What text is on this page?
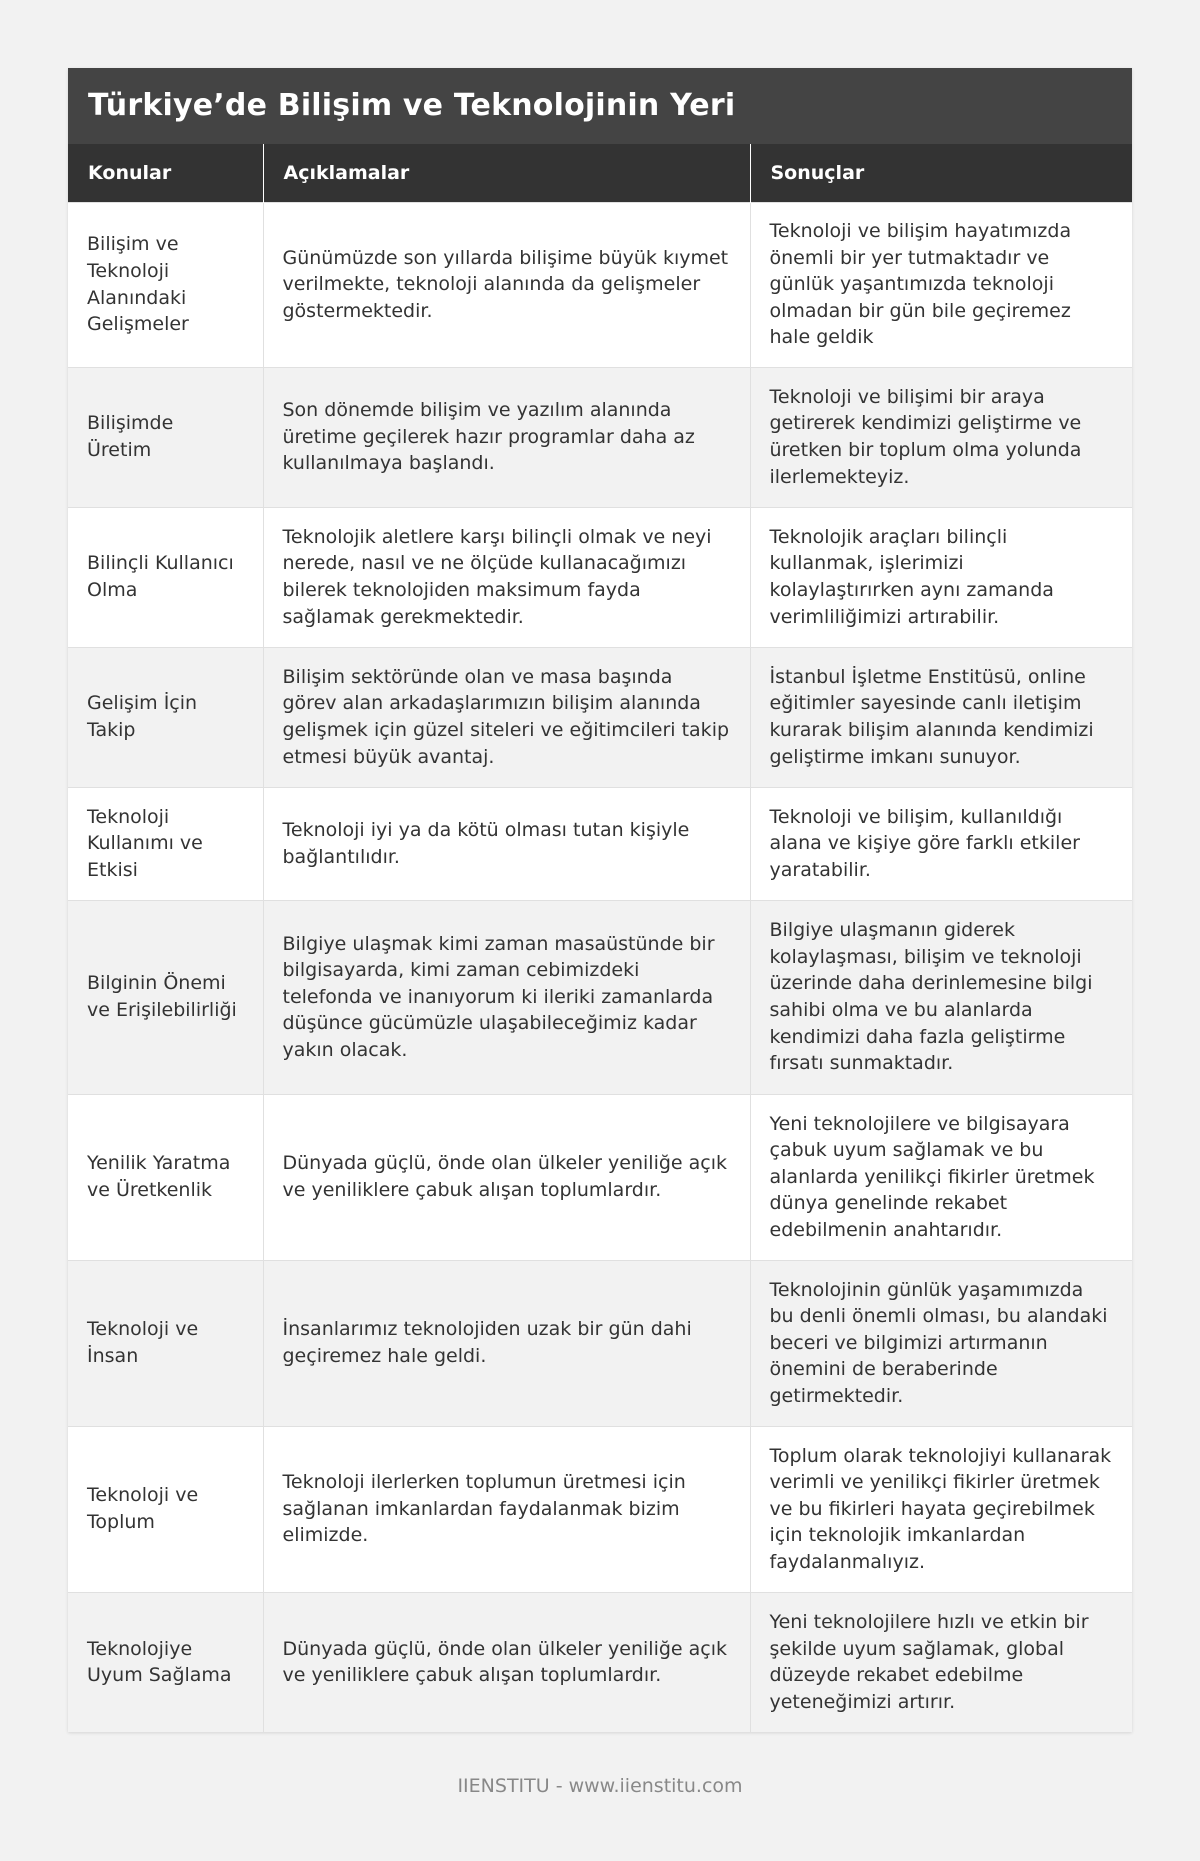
Türkiye’de Bilişim ve Teknolojinin Yeri
Konular	Açıklamalar	Sonuçlar
Bilişim ve Teknoloji Alanındaki Gelişmeler	Günümüzde son yıllarda bilişime büyük kıymet verilmekte, teknoloji alanında da gelişmeler göstermektedir.	Teknoloji ve bilişim hayatımızda önemli bir yer tutmaktadır ve günlük yaşantımızda teknoloji olmadan bir gün bile geçiremez hale geldik
Bilişimde Üretim	Son dönemde bilişim ve yazılım alanında üretime geçilerek hazır programlar daha az kullanılmaya başlandı.	Teknoloji ve bilişimi bir araya getirerek kendimizi geliştirme ve üretken bir toplum olma yolunda ilerlemekteyiz.
Bilinçli Kullanıcı Olma	Teknolojik aletlere karşı bilinçli olmak ve neyi nerede, nasıl ve ne ölçüde kullanacağımızı bilerek teknolojiden maksimum fayda sağlamak gerekmektedir.	Teknolojik araçları bilinçli kullanmak, işlerimizi kolaylaştırırken aynı zamanda verimliliğimizi artırabilir.
Gelişim İçin Takip	Bilişim sektöründe olan ve masa başında görev alan arkadaşlarımızın bilişim alanında gelişmek için güzel siteleri ve eğitimcileri takip etmesi büyük avantaj.	İstanbul İşletme Enstitüsü, online eğitimler sayesinde canlı iletişim kurarak bilişim alanında kendimizi geliştirme imkanı sunuyor.
Teknoloji Kullanımı ve Etkisi	Teknoloji iyi ya da kötü olması tutan kişiyle bağlantılıdır.	Teknoloji ve bilişim, kullanıldığı alana ve kişiye göre farklı etkiler yaratabilir.
Bilginin Önemi ve Erişilebilirliği	Bilgiye ulaşmak kimi zaman masaüstünde bir bilgisayarda, kimi zaman cebimizdeki telefonda ve inanıyorum ki ileriki zamanlarda düşünce gücümüzle ulaşabileceğimiz kadar yakın olacak.	Bilgiye ulaşmanın giderek kolaylaşması, bilişim ve teknoloji üzerinde daha derinlemesine bilgi sahibi olma ve bu alanlarda kendimizi daha fazla geliştirme fırsatı sunmaktadır.
Yenilik Yaratma ve Üretkenlik	Dünyada güçlü, önde olan ülkeler yeniliğe açık ve yeniliklere çabuk alışan toplumlardır.	Yeni teknolojilere ve bilgisayara çabuk uyum sağlamak ve bu alanlarda yenilikçi fikirler üretmek dünya genelinde rekabet edebilmenin anahtarıdır.
Teknoloji ve İnsan	İnsanlarımız teknolojiden uzak bir gün dahi geçiremez hale geldi.	Teknolojinin günlük yaşamımızda bu denli önemli olması, bu alandaki beceri ve bilgimizi artırmanın önemini de beraberinde getirmektedir.
Teknoloji ve Toplum	Teknoloji ilerlerken toplumun üretmesi için sağlanan imkanlardan faydalanmak bizim elimizde.	Toplum olarak teknolojiyi kullanarak verimli ve yenilikçi fikirler üretmek ve bu fikirleri hayata geçirebilmek için teknolojik imkanlardan faydalanmalıyız.
Teknolojiye Uyum Sağlama	Dünyada güçlü, önde olan ülkeler yeniliğe açık ve yeniliklere çabuk alışan toplumlardır.	Yeni teknolojilere hızlı ve etkin bir şekilde uyum sağlamak, global düzeyde rekabet edebilme yeteneğimizi artırır.
IIENSTITU - www.iienstitu.com
